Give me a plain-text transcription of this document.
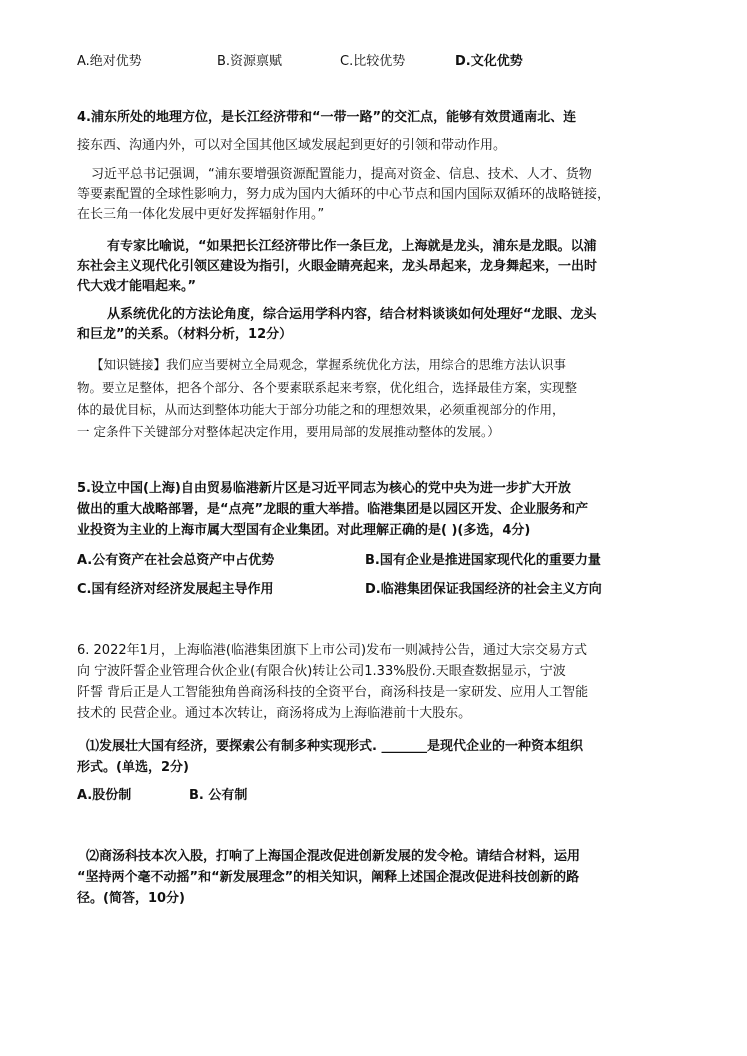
A.绝对优势	B.资源禀赋	C.比较优势	D.文化优势
4.浦东所处的地理方位，是长江经济带和“一带一路”的交汇点，能够有效贯通南北、连
接东西、沟通内外，可以对全国其他区域发展起到更好的引领和带动作用。
习近平总书记强调，“浦东要增强资源配置能力，提高对资金、信息、技术、人才、货物
等要素配置的全球性影响力，努力成为国内大循环的中心节点和国内国际双循环的战略链接，
在长三角一体化发展中更好发挥辐射作用。”
有专家比喻说，“如果把长江经济带比作一条巨龙，上海就是龙头，浦东是龙眼。以浦
东社会主义现代化引领区建设为指引，火眼金睛亮起来，龙头昂起来，龙身舞起来，一出时
代大戏才能唱起来。”
从系统优化的方法论角度，综合运用学科内容，结合材料谈谈如何处理好“龙眼、龙头
和巨龙”的关系。（材料分析，12分）
【知识链接】我们应当要树立全局观念，掌握系统优化方法，用综合的思维方法认识事
物。要立足整体，把各个部分、各个要素联系起来考察，优化组合，选择最佳方案，实现整
体的最优目标，从而达到整体功能大于部分功能之和的理想效果，必须重视部分的作用，
一 定条件下关键部分对整体起决定作用，要用局部的发展推动整体的发展。）
5.设立中国(上海)自由贸易临港新片区是习近平同志为核心的党中央为进一步扩大开放
做出的重大战略部署，是“点亮”龙眼的重大举措。临港集团是以园区开发、企业服务和产
业投资为主业的上海市属大型国有企业集团。对此理解正确的是( )(多选，4分)
A.公有资产在社会总资产中占优势	B.国有企业是推进国家现代化的重要力量
C.国有经济对经济发展起主导作用	D.临港集团保证我国经济的社会主义方向
6. 2022年1月，上海临港(临港集团旗下上市公司)发布一则减持公告，通过大宗交易方式
向 宁波阡誓企业管理合伙企业(有限合伙)转让公司1.33%股份.天眼查数据显示，宁波
阡誓 背后正是人工智能独角兽商汤科技的全资平台，商汤科技是一家研发、应用人工智能
技术的 民营企业。通过本次转让，商汤将成为上海临港前十大股东。
⑴发展壮大国有经济，要探索公有制多种实现形式. _______是现代企业的一种资本组织
形式。(单选，2分)
A.股份制	B. 公有制
⑵商汤科技本次入股，打响了上海国企混改促进创新发展的发令枪。请结合材料，运用
“坚持两个毫不动摇”和“新发展理念”的相关知识，阐释上述国企混改促进科技创新的路
径。(简答，10分)
